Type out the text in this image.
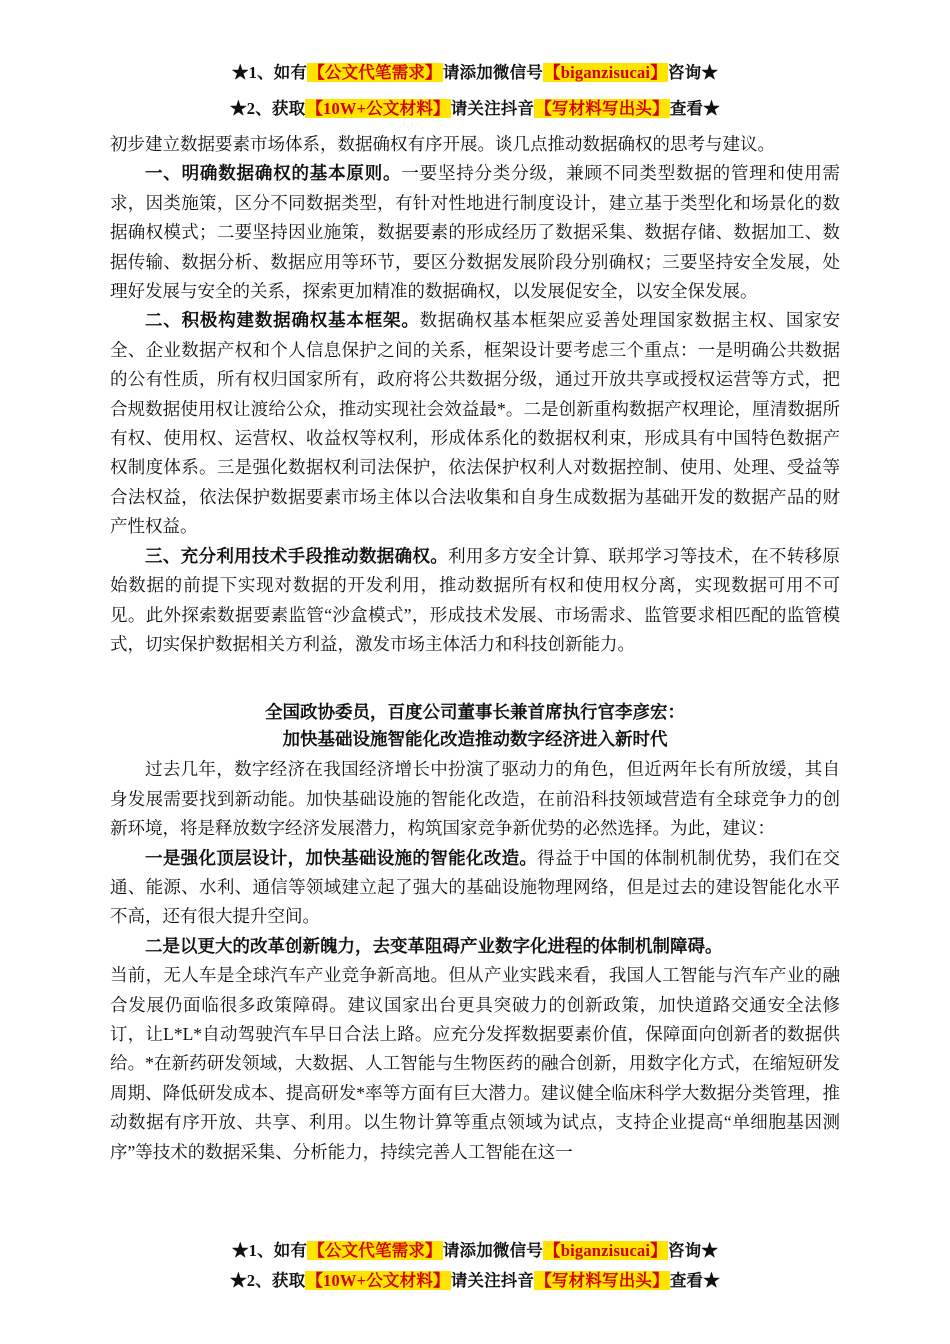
★1、如有【公文代笔需求】请添加微信号【biganzisucai】咨询★
★2、获取【10W+公文材料】请关注抖音【写材料写出头】查看★

初步建立数据要素市场体系，数据确权有序开展。谈几点推动数据确权的思考与建议。

一、明确数据确权的基本原则。一要坚持分类分级，兼顾不同类型数据的管理和使用需求，因类施策，区分不同数据类型，有针对性地进行制度设计，建立基于类型化和场景化的数据确权模式；二要坚持因业施策，数据要素的形成经历了数据采集、数据存储、数据加工、数据传输、数据分析、数据应用等环节，要区分数据发展阶段分别确权；三要坚持安全发展，处理好发展与安全的关系，探索更加精准的数据确权，以发展促安全，以安全保发展。

二、积极构建数据确权基本框架。数据确权基本框架应妥善处理国家数据主权、国家安全、企业数据产权和个人信息保护之间的关系，框架设计要考虑三个重点：一是明确公共数据的公有性质，所有权归国家所有，政府将公共数据分级，通过开放共享或授权运营等方式，把合规数据使用权让渡给公众，推动实现社会效益最*。二是创新重构数据产权理论，厘清数据所有权、使用权、运营权、收益权等权利，形成体系化的数据权利束，形成具有中国特色数据产权制度体系。三是强化数据权利司法保护，依法保护权利人对数据控制、使用、处理、受益等合法权益，依法保护数据要素市场主体以合法收集和自身生成数据为基础开发的数据产品的财产性权益。

三、充分利用技术手段推动数据确权。利用多方安全计算、联邦学习等技术，在不转移原始数据的前提下实现对数据的开发利用，推动数据所有权和使用权分离，实现数据可用不可见。此外探索数据要素监管“沙盒模式”，形成技术发展、市场需求、监管要求相匹配的监管模式，切实保护数据相关方利益，激发市场主体活力和科技创新能力。

全国政协委员，百度公司董事长兼首席执行官李彦宏：

加快基础设施智能化改造推动数字经济进入新时代

过去几年，数字经济在我国经济增长中扮演了驱动力的角色，但近两年长有所放缓，其自身发展需要找到新动能。加快基础设施的智能化改造，在前沿科技领域营造有全球竞争力的创新环境，将是释放数字经济发展潜力，构筑国家竞争新优势的必然选择。为此，建议：

一是强化顶层设计，加快基础设施的智能化改造。得益于中国的体制机制优势，我们在交通、能源、水利、通信等领域建立起了强大的基础设施物理网络，但是过去的建设智能化水平不高，还有很大提升空间。

二是以更大的改革创新魄力，去变革阻碍产业数字化进程的体制机制障碍。

当前，无人车是全球汽车产业竞争新高地。但从产业实践来看，我国人工智能与汽车产业的融合发展仍面临很多政策障碍。建议国家出台更具突破力的创新政策，加快道路交通安全法修订，让L*L*自动驾驶汽车早日合法上路。应充分发挥数据要素价值，保障面向创新者的数据供给。*在新药研发领域，大数据、人工智能与生物医药的融合创新，用数字化方式，在缩短研发周期、降低研发成本、提高研发*率等方面有巨大潜力。建议健全临床科学大数据分类管理，推动数据有序开放、共享、利用。以生物计算等重点领域为试点，支持企业提高“单细胞基因测序”等技术的数据采集、分析能力，持续完善人工智能在这一

★1、如有【公文代笔需求】请添加微信号【biganzisucai】咨询★
★2、获取【10W+公文材料】请关注抖音【写材料写出头】查看★
